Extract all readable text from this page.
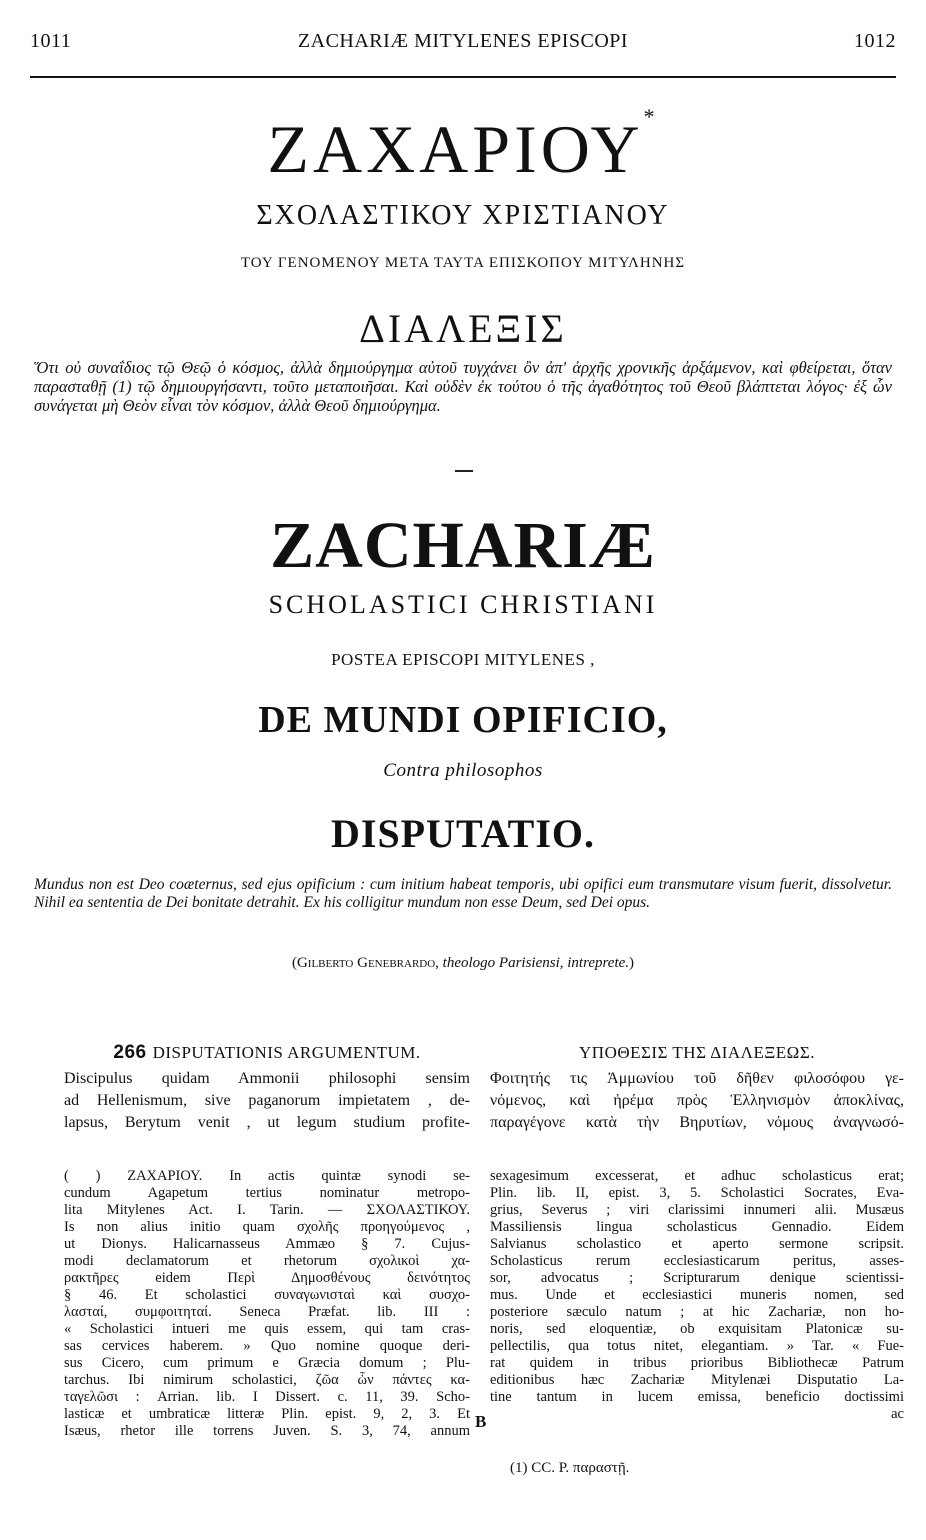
1011	ZACHARIÆ MITYLENES EPISCOPI	1012
ΖΑΧΑΡΙΟΥ*
ΣΧΟΛΑΣΤΙΚΟΥ ΧΡΙΣΤΙΑΝΟΥ
ΤΟΥ ΓΕΝΟΜΕΝΟΥ ΜΕΤΑ ΤΑΥΤΑ ΕΠΙΣΚΟΠΟΥ ΜΙΤΥΛΗΝΗΣ
ΔΙΑΛΕΞΙΣ
Ὅτι οὐ συναΐδιος τῷ Θεῷ ὁ κόσμος, ἀλλὰ δημιούργημα αὐτοῦ τυγχάνει ὂν ἀπ' ἀρχῆς χρονικῆς ἀρξάμενον, καὶ φθείρεται, ὅταν παρασταθῇ (1) τῷ δημιουργήσαντι, τοῦτο μεταποιῆσαι. Καὶ οὐδὲν ἐκ τούτου ὁ τῆς ἀγαθότητος τοῦ Θεοῦ βλάπτεται λόγος· ἐξ ὧν συνάγεται μὴ Θεὸν εἶναι τὸν κόσμον, ἀλλὰ Θεοῦ δημιούργημα.
ZACHARIÆ
SCHOLASTICI CHRISTIANI
POSTEA EPISCOPI MITYLENES ,
DE MUNDI OPIFICIO,
Contra philosophos
DISPUTATIO.
Mundus non est Deo coæternus, sed ejus opificium : cum initium habeat temporis, ubi opifici eum transmutare visum fuerit, dissolvetur. Nihil ea sententia de Dei bonitate detrahit. Ex his colligitur mundum non esse Deum, sed Dei opus.
(Gilberto Genebrardo, theologo Parisiensi, intreprete.)
266 DISPUTATIONIS ARGUMENTUM.

Discipulus quidam Ammonii philosophi sensim
ad Hellenismum, sive paganorum impietatem , de-
lapsus, Berytum venit , ut legum studium profite-

( ) ΖΑΧΑΡΙΟΥ. In actis quintæ synodi se-
cundum Agapetum tertius nominatur metropo-
lita Mitylenes Act. I. Tarin. — ΣΧΟΛΑΣΤΙΚΟΥ.
Is non alius initio quam σχολῆς προηγούμενος ,
ut Dionys. Halicarnasseus Ammæo § 7. Cujus-
modi declamatorum et rhetorum σχολικοὶ χα-
ρακτῆρες eidem Περὶ Δημοσθένους δεινότητος
§ 46. Et scholastici συναγωνισταὶ καὶ συσχο-
λασταί, συμφοιτηταί. Seneca Præfat. lib. III :
« Scholastici intueri me quis essem, qui tam cras-
sas cervices haberem. » Quo nomine quoque deri-
sus Cicero, cum primum e Græcia domum ; Plu-
tarchus. Ibi nimirum scholastici, ζῶα ὧν πάντες κα-
ταγελῶσι : Arrian. lib. I Dissert. c. 11, 39. Scho-
lasticæ et umbraticæ litteræ Plin. epist. 9, 2, 3. Et
Isæus, rhetor ille torrens Juven. S. 3, 74, annum
ΥΠΟΘΕΣΙΣ ΤΗΣ ΔΙΑΛΕΞΕΩΣ.

Φοιτητής τις Ἀμμωνίου τοῦ δῆθεν φιλοσόφου γε-
νόμενος, καὶ ἠρέμα πρὸς Ἑλληνισμὸν ἀποκλίνας,
παραγέγονε κατὰ τὴν Βηρυτίων, νόμους ἀναγνωσό-

sexagesimum excesserat, et adhuc scholasticus erat;
Plin. lib. II, epist. 3, 5. Scholastici Socrates, Eva-
grius, Severus ; viri clarissimi innumeri alii. Musæus
Massiliensis lingua scholasticus Gennadio. Eidem
Salvianus scholastico et aperto sermone scripsit.
Scholasticus rerum ecclesiasticarum peritus, asses-
sor, advocatus ; Scripturarum denique scientissi-
mus. Unde et ecclesiastici muneris nomen, sed
posteriore sæculo natum ; at hic Zachariæ, non ho-
noris, sed eloquentiæ, ob exquisitam Platonicæ su-
pellectilis, qua totus nitet, elegantiam. » Tar. « Fue-
rat quidem in tribus prioribus Bibliothecæ Patrum
editionibus hæc Zachariæ Mitylenæi Disputatio La-
tine tantum in lucem emissa, beneficio doctissimi
ac
B
(1) CC. P. παραστῇ.
